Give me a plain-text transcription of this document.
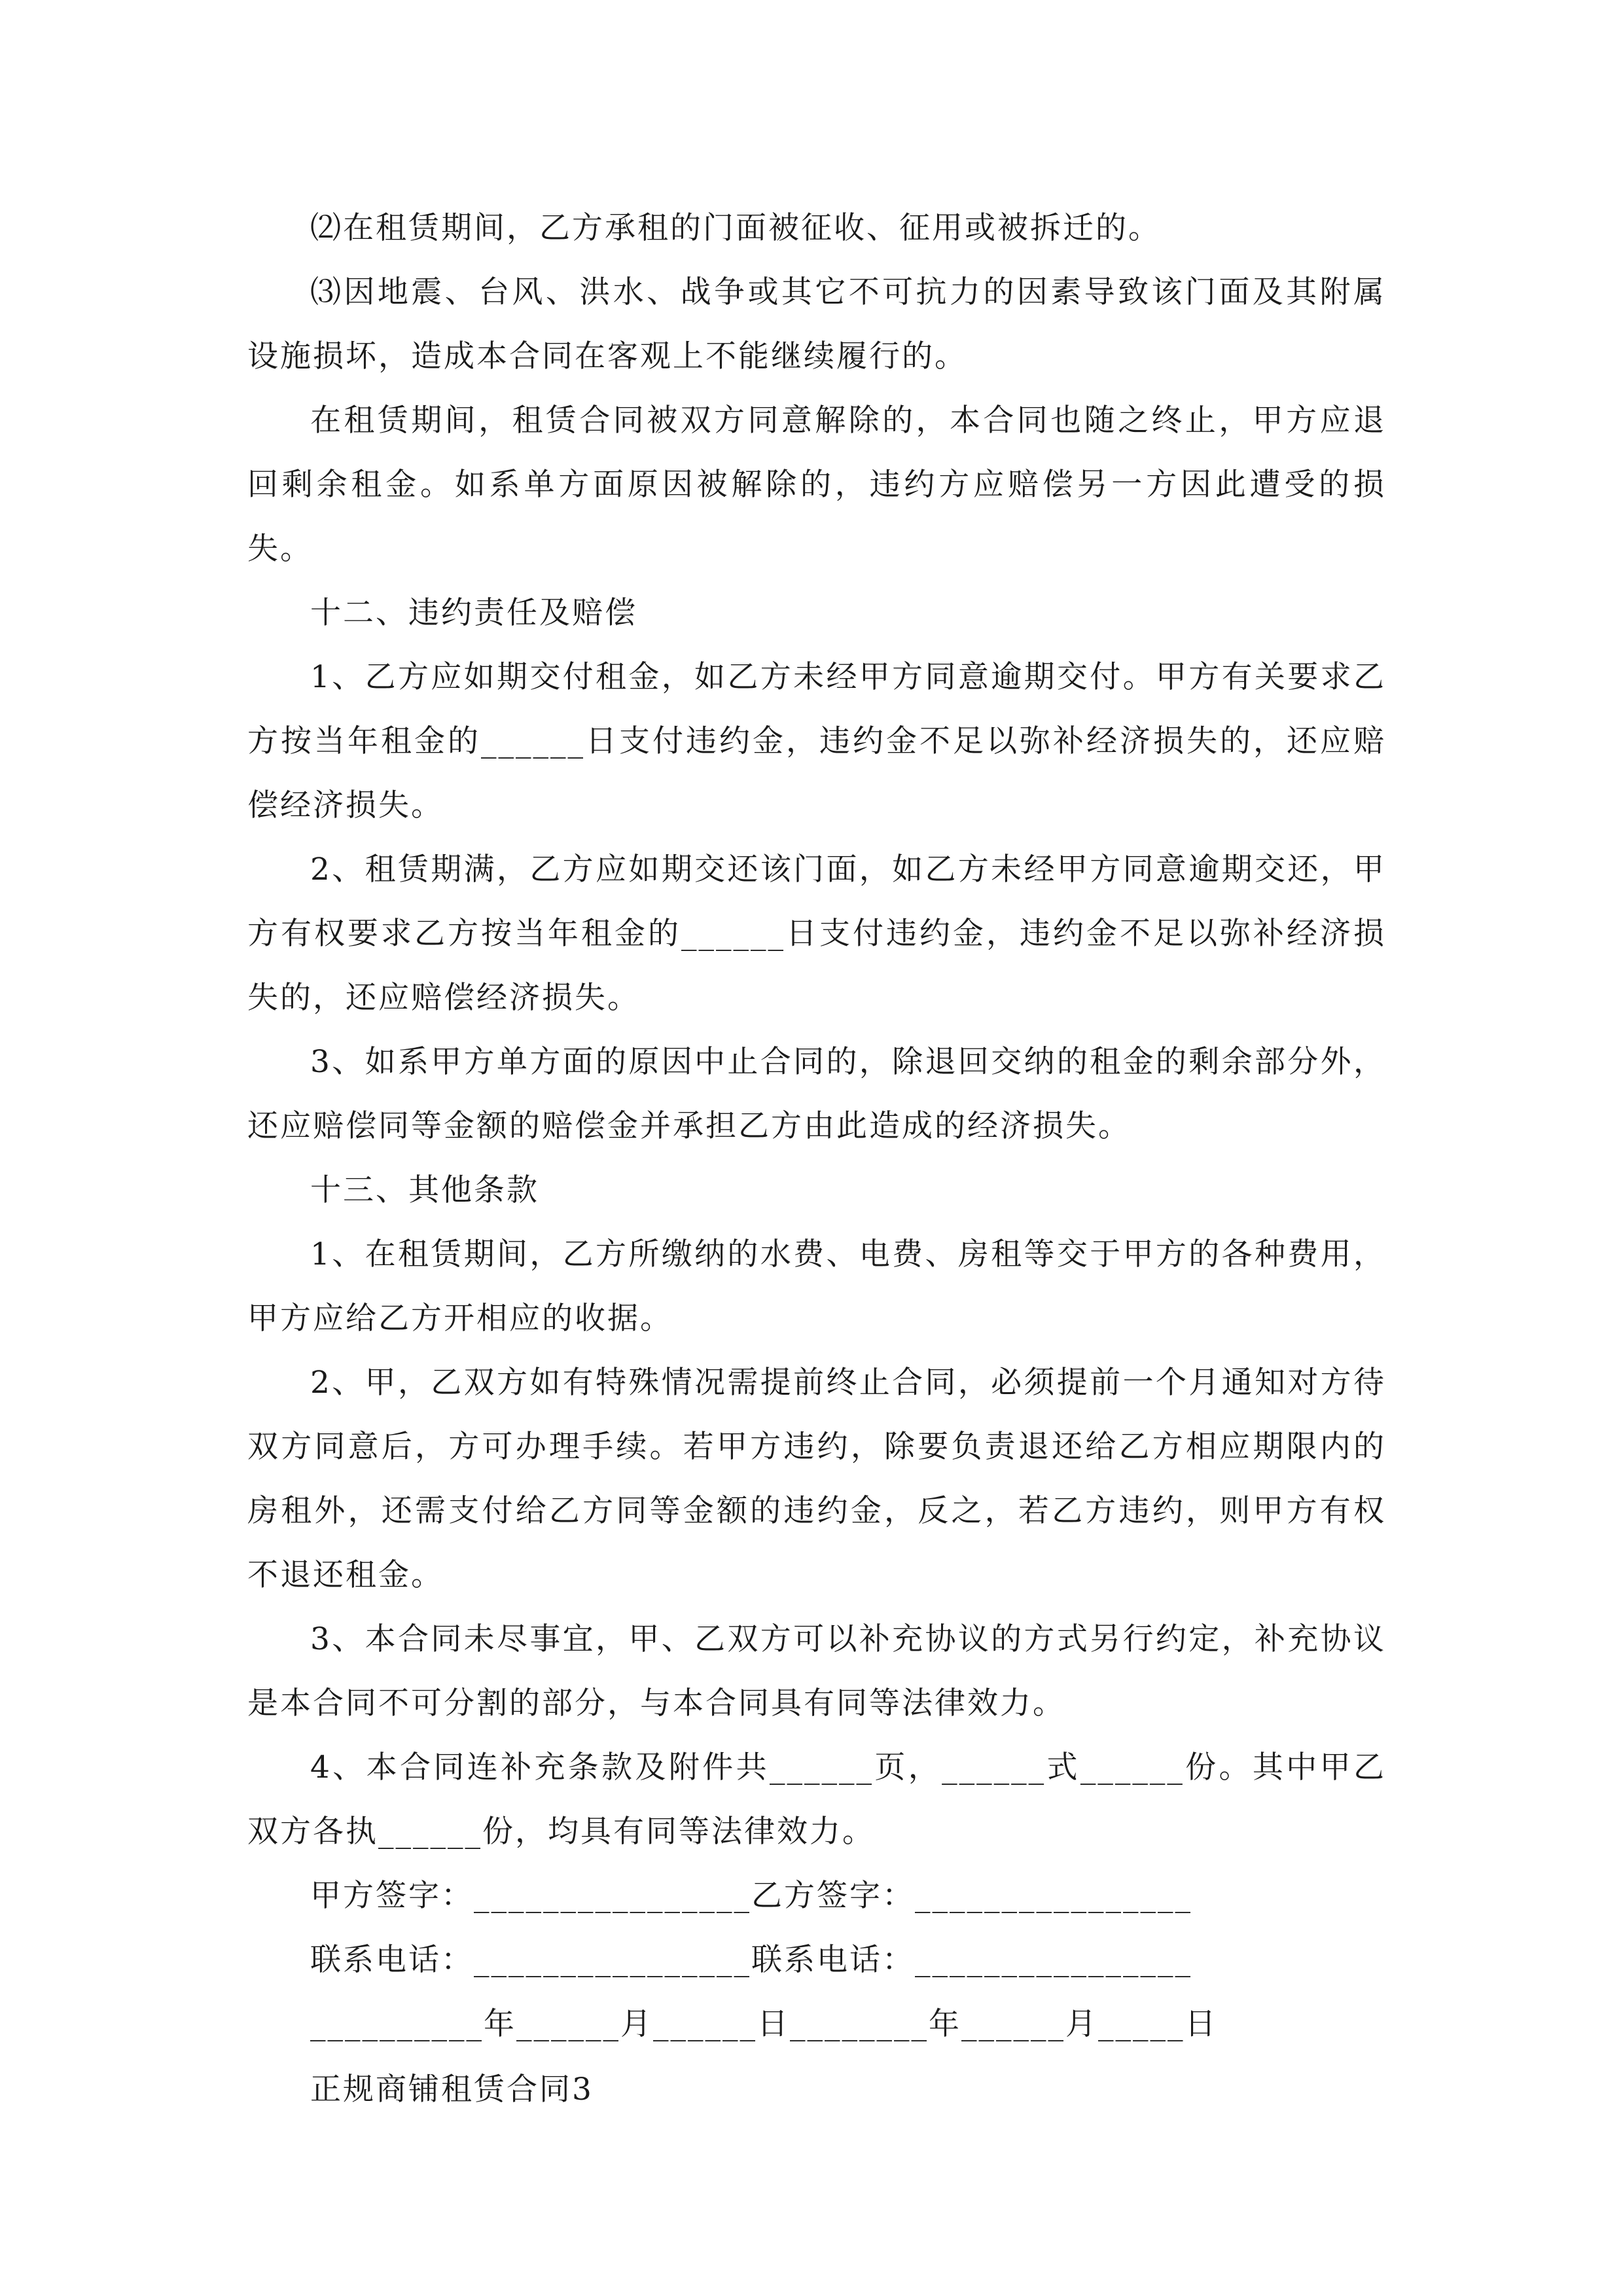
⑵在租赁期间，乙方承租的门面被征收、征用或被拆迁的。

⑶因地震、台风、洪水、战争或其它不可抗力的因素导致该门面及其附属设施损坏，造成本合同在客观上不能继续履行的。

在租赁期间，租赁合同被双方同意解除的，本合同也随之终止，甲方应退回剩余租金。如系单方面原因被解除的，违约方应赔偿另一方因此遭受的损失。

十二、违约责任及赔偿

1、乙方应如期交付租金，如乙方未经甲方同意逾期交付。甲方有关要求乙方按当年租金的______日支付违约金，违约金不足以弥补经济损失的，还应赔偿经济损失。

2、租赁期满，乙方应如期交还该门面，如乙方未经甲方同意逾期交还，甲方有权要求乙方按当年租金的______日支付违约金，违约金不足以弥补经济损失的，还应赔偿经济损失。

3、如系甲方单方面的原因中止合同的，除退回交纳的租金的剩余部分外，还应赔偿同等金额的赔偿金并承担乙方由此造成的经济损失。

十三、其他条款

1、在租赁期间，乙方所缴纳的水费、电费、房租等交于甲方的各种费用，甲方应给乙方开相应的收据。

2、甲，乙双方如有特殊情况需提前终止合同，必须提前一个月通知对方待双方同意后，方可办理手续。若甲方违约，除要负责退还给乙方相应期限内的房租外，还需支付给乙方同等金额的违约金，反之，若乙方违约，则甲方有权不退还租金。

3、本合同未尽事宜，甲、乙双方可以补充协议的方式另行约定，补充协议是本合同不可分割的部分，与本合同具有同等法律效力。

4、本合同连补充条款及附件共______页，______式______份。其中甲乙双方各执______份，均具有同等法律效力。

甲方签字：________________乙方签字：________________
联系电话：________________联系电话：________________
__________年______月______日________年______月_____日
正规商铺租赁合同3
